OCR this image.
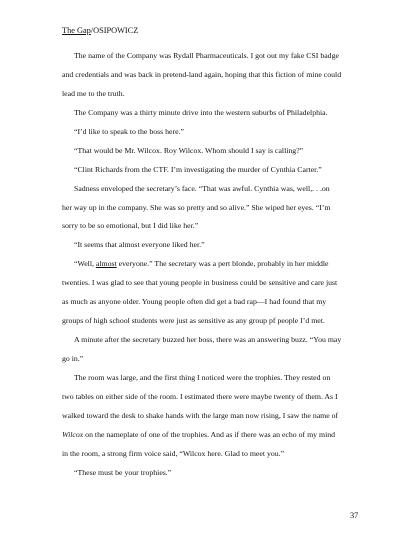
The Gap/OSIPOWICZ
The name of the Company was Rydall Pharmaceuticals. I got out my fake CSI badge
and credentials and was back in pretend-land again, hoping that this fiction of mine could
lead me to the truth.
The Company was a thirty minute drive into the western suburbs of Philadelphia.
“I’d like to speak to the boss here.”
“That would be Mr. Wilcox. Roy Wilcox. Whom should I say is calling?”
“Clint Richards from the CTF. I’m investigating the murder of Cynthia Carter.”
Sadness enveloped the secretary’s face. “That was awful. Cynthia was, well,. . .on
her way up in the company. She was so pretty and so alive.” She wiped her eyes. “I’m
sorry to be so emotional, but I did like her.”
“It seems that almost everyone liked her.”
“Well, almost everyone.” The secretary was a pert blonde, probably in her middle
twenties. I was glad to see that young people in business could be sensitive and care just
as much as anyone older. Young people often did get a bad rap—I had found that my
groups of high school students were just as sensitive as any group pf people I’d met.
A minute after the secretary buzzed her boss, there was an answering buzz. “You may
go in.”
The room was large, and the first thing I noticed were the trophies. They rested on
two tables on either side of the room. I estimated there were maybe twenty of them. As I
walked toward the desk to shake hands with the large man now rising, I saw the name of
Wilcox on the nameplate of one of the trophies. And as if there was an echo of my mind
in the room, a strong firm voice said, “Wilcox here. Glad to meet you.”
“These must be your trophies.”
37
